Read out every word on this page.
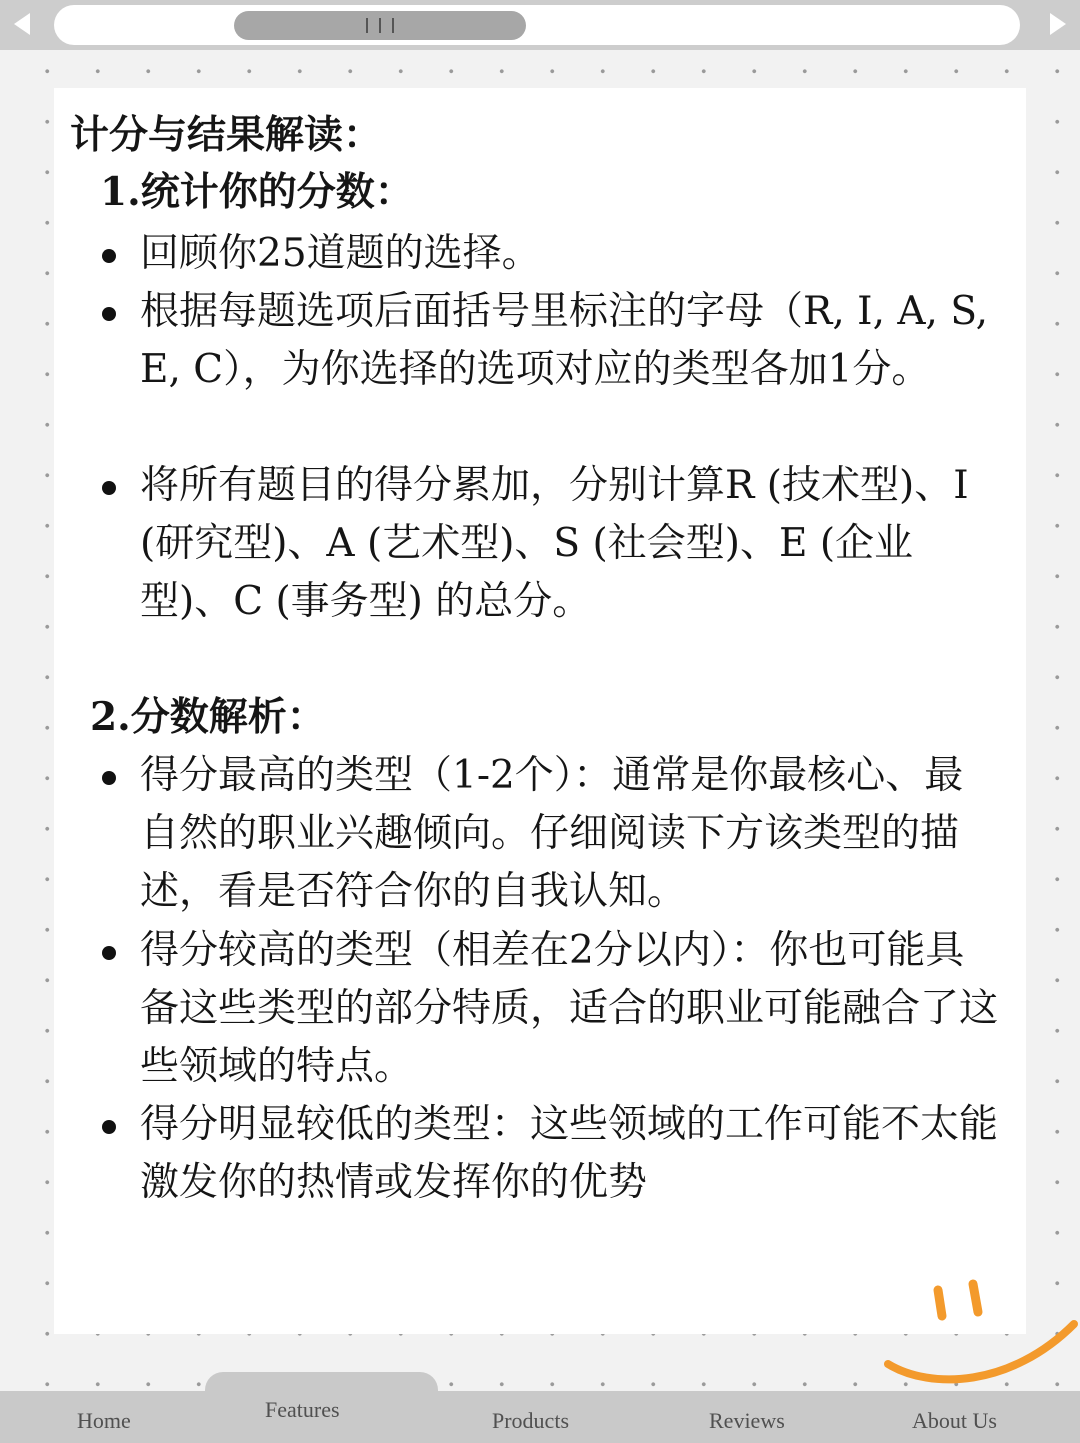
计分与结果解读：
1.统计你的分数：
回顾你25道题的选择。
根据每题选项后面括号里标注的字母（R, I, A, S, E, C），为你选择的选项对应的类型各加1分。
将所有题目的得分累加，分别计算R (技术型)、I (研究型)、A (艺术型)、S (社会型)、E (企业型)、C (事务型) 的总分。
2.分数解析：
得分最高的类型（1-2个）：通常是你最核心、最自然的职业兴趣倾向。仔细阅读下方该类型的描述，看是否符合你的自我认知。
得分较高的类型（相差在2分以内）：你也可能具备这些类型的部分特质，适合的职业可能融合了这些领域的特点。
得分明显较低的类型：这些领域的工作可能不太能激发你的热情或发挥你的优势
Home	Features	Products	Reviews	About Us
